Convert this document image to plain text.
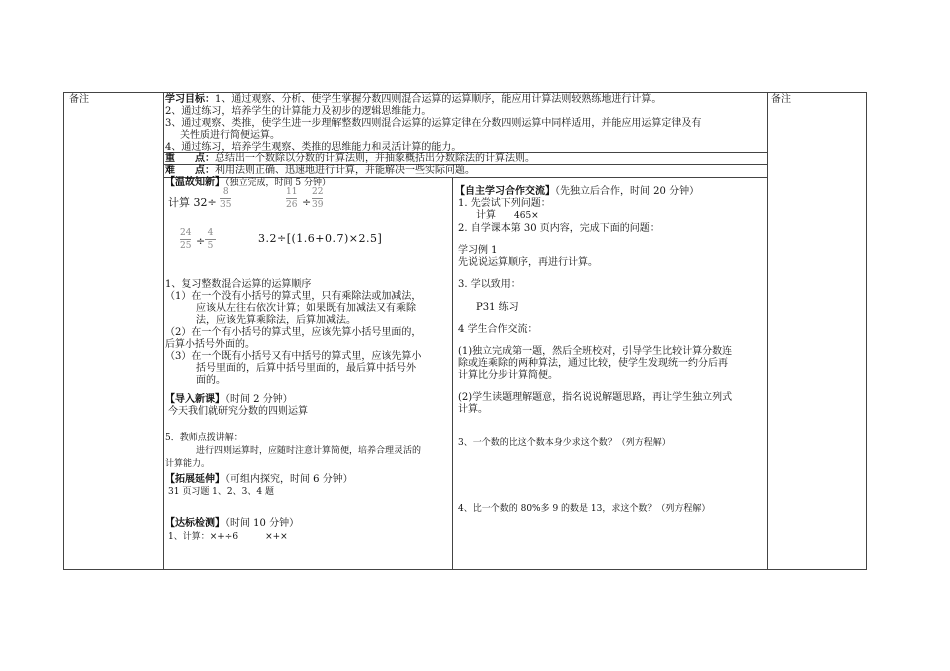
备注	备注
学习目标：1、通过观察、分析、使学生掌握分数四则混合运算的运算顺序，能应用计算法则较熟练地进行计算。
2、通过练习，培养学生的计算能力及初步的逻辑思维能力。
3、通过观察、类推，使学生进一步理解整数四则混合运算的运算定律在分数四则运算中同样适用，并能应用运算定律及有
关性质进行简便运算。
4、通过练习，培养学生观察、类推的思维能力和灵活计算的能力。
重　　点：总结出一个数除以分数的计算法则，并抽象概括出分数除法的计算法则。
难　　点：利用法则正确、迅速地进行计算，并能解决一些实际问题。
【温故知新】（独立完成，时间 5 分钟）
计算 32÷
8
35
11
26 ÷
22
39
24
25 ÷
4
5
3.2÷[(1.6+0.7)×2.5]
1、复习整数混合运算的运算顺序
（1）在一个没有小括号的算式里，只有乘除法或加减法，
应该从左往右依次计算；如果既有加减法又有乘除
法，应该先算乘除法，后算加减法。
（2）在一个有小括号的算式里，应该先算小括号里面的，
后算小括号外面的。
（3）在一个既有小括号又有中括号的算式里，应该先算小
括号里面的，后算中括号里面的，最后算中括号外
面的。
【导入新课】（时间 2 分钟）
今天我们就研究分数的四则运算
5．教师点拨讲解：
进行四则运算时，应随时注意计算简便，培养合理灵活的
计算能力。
【拓展延伸】（可组内探究，时间 6 分钟）
31 页习题 1、2、3、4 题
【达标检测】（时间 10 分钟）
1、计算：×+÷6　　　×+×
【自主学习合作交流】（先独立后合作，时间 20 分钟）
1. 先尝试下列问题：
计算 465×
2. 自学课本第 30 页内容，完成下面的问题：
学习例 1
先说说运算顺序，再进行计算。
3. 学以致用：
P31 练习
4 学生合作交流：
(1)独立完成第一题，然后全班校对，引导学生比较计算分数连
除或连乘除的两种算法，通过比较，使学生发现统一约分后再
计算比分步计算简便。
(2)学生读题理解题意，指名说说解题思路，再让学生独立列式
计算。
3、一个数的比这个数本身少求这个数？（列方程解）
4、比一个数的 80%多 9 的数是 13，求这个数？（列方程解）
